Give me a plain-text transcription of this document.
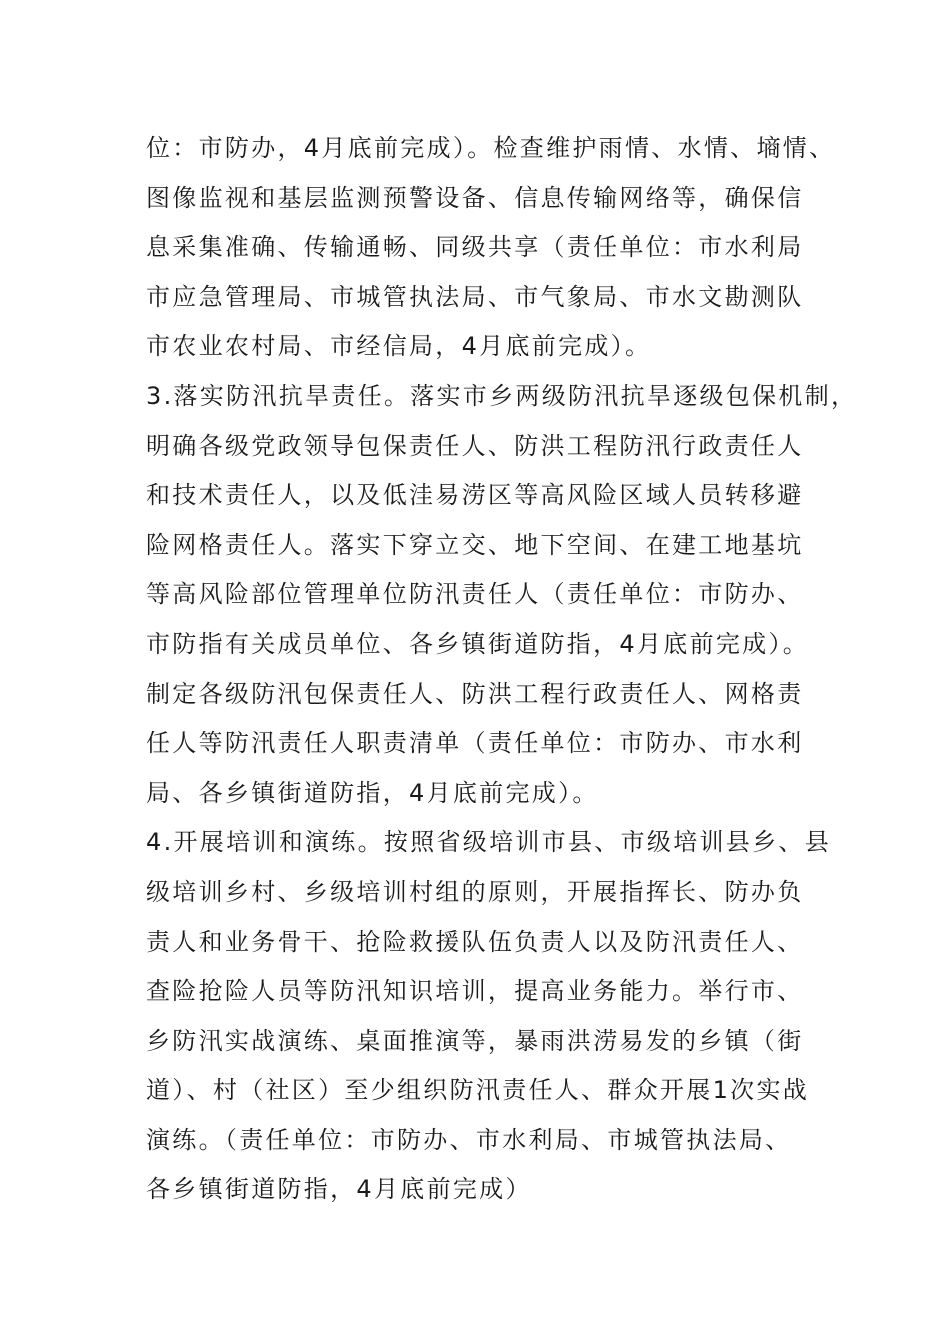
位：市防办，4月底前完成）。检查维护雨情、水情、墒情、
图像监视和基层监测预警设备、信息传输网络等，确保信
息采集准确、传输通畅、同级共享（责任单位：市水利局
市应急管理局、市城管执法局、市气象局、市水文勘测队
市农业农村局、市经信局，4月底前完成）。
3.落实防汛抗旱责任。落实市乡两级防汛抗旱逐级包保机制，
明确各级党政领导包保责任人、防洪工程防汛行政责任人
和技术责任人，以及低洼易涝区等高风险区域人员转移避
险网格责任人。落实下穿立交、地下空间、在建工地基坑
等高风险部位管理单位防汛责任人（责任单位：市防办、
市防指有关成员单位、各乡镇街道防指，4月底前完成）。
制定各级防汛包保责任人、防洪工程行政责任人、网格责
任人等防汛责任人职责清单（责任单位：市防办、市水利
局、各乡镇街道防指，4月底前完成）。
4.开展培训和演练。按照省级培训市县、市级培训县乡、县
级培训乡村、乡级培训村组的原则，开展指挥长、防办负
责人和业务骨干、抢险救援队伍负责人以及防汛责任人、
查险抢险人员等防汛知识培训，提高业务能力。举行市、
乡防汛实战演练、桌面推演等，暴雨洪涝易发的乡镇（街
道）、村（社区）至少组织防汛责任人、群众开展1次实战
演练。（责任单位：市防办、市水利局、市城管执法局、
各乡镇街道防指，4月底前完成）
